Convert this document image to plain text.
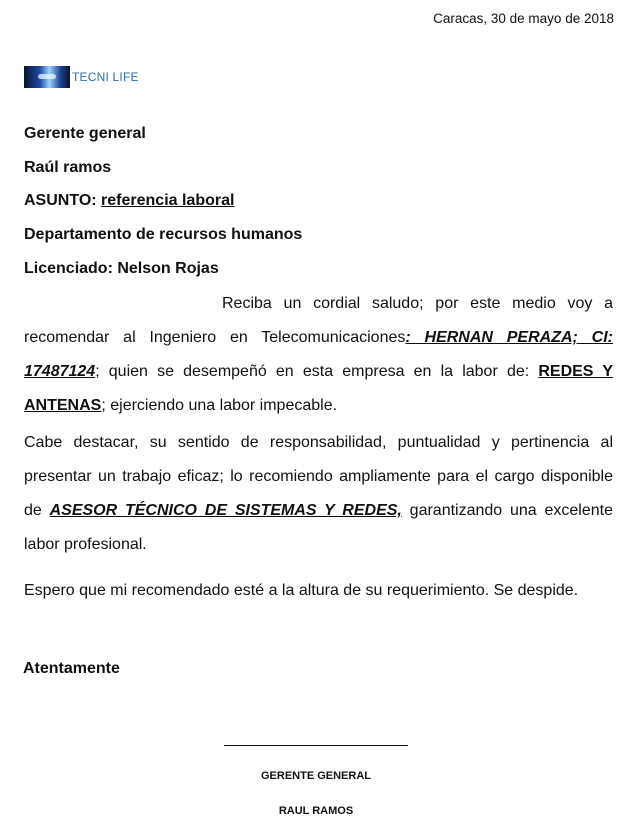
Caracas, 30 de mayo de 2018
TECNI LIFE
Gerente general
Raúl ramos
ASUNTO: referencia laboral
Departamento de recursos humanos
Licenciado: Nelson Rojas
Reciba un cordial saludo; por este medio voy a recomendar al Ingeniero en Telecomunicaciones: HERNAN PERAZA; CI: 17487124; quien se desempeñó en esta empresa en la labor de: REDES Y ANTENAS; ejerciendo una labor impecable.
Cabe destacar, su sentido de responsabilidad, puntualidad y pertinencia al presentar un trabajo eficaz; lo recomiendo ampliamente para el cargo disponible de ASESOR TÉCNICO DE SISTEMAS Y REDES, garantizando una excelente labor profesional.
Espero que mi recomendado esté a la altura de su requerimiento. Se despide.
Atentamente
GERENTE GENERAL
RAUL RAMOS
